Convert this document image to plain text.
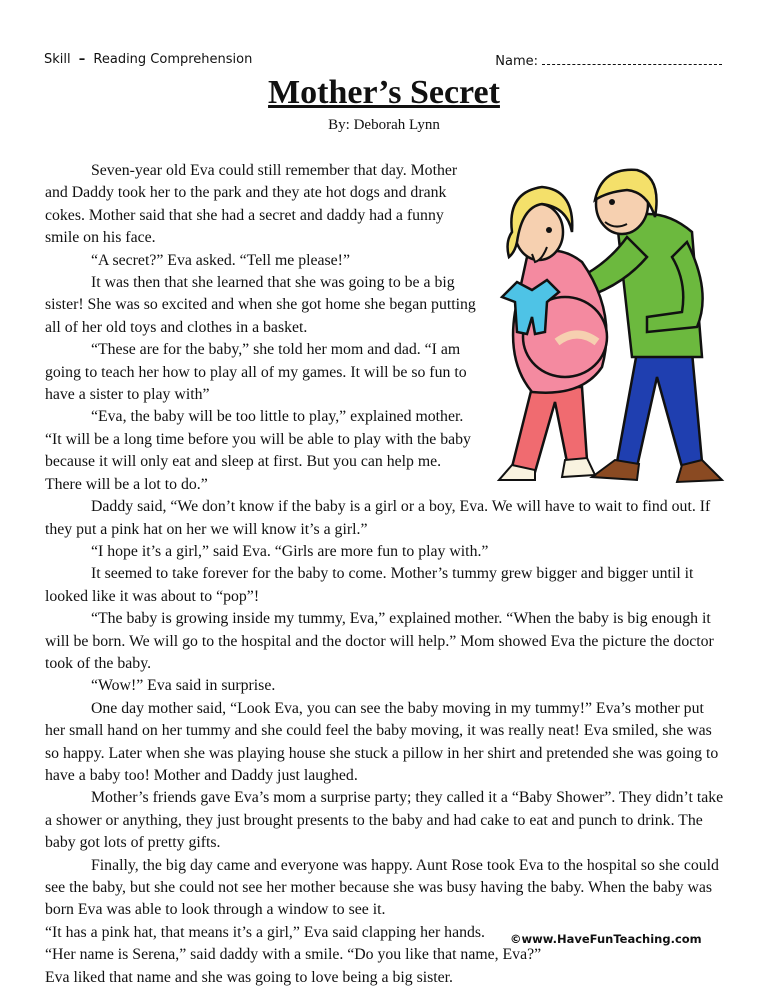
Skill – Reading Comprehension	Name:
Mother’s Secret
By: Deborah Lynn

Seven-year old Eva could still remember that day. Mother and Daddy took her to the park and they ate hot dogs and drank cokes. Mother said that she had a secret and daddy had a funny smile on his face.

“A secret?” Eva asked. “Tell me please!”

It was then that she learned that she was going to be a big sister! She was so excited and when she got home she began putting all of her old toys and clothes in a basket.

“These are for the baby,” she told her mom and dad. “I am going to teach her how to play all of my games. It will be so fun to have a sister to play with”

“Eva, the baby will be too little to play,” explained mother. “It will be a long time before you will be able to play with the baby because it will only eat and sleep at first. But you can help me. There will be a lot to do.”

Daddy said, “We don’t know if the baby is a girl or a boy, Eva. We will have to wait to find out. If they put a pink hat on her we will know it’s a girl.”

“I hope it’s a girl,” said Eva. “Girls are more fun to play with.”

It seemed to take forever for the baby to come. Mother’s tummy grew bigger and bigger until it looked like it was about to “pop”!

“The baby is growing inside my tummy, Eva,” explained mother. “When the baby is big enough it will be born. We will go to the hospital and the doctor will help.” Mom showed Eva the picture the doctor took of the baby.

“Wow!” Eva said in surprise.

One day mother said, “Look Eva, you can see the baby moving in my tummy!” Eva’s mother put her small hand on her tummy and she could feel the baby moving, it was really neat! Eva smiled, she was so happy. Later when she was playing house she stuck a pillow in her shirt and pretended she was going to have a baby too! Mother and Daddy just laughed.

Mother’s friends gave Eva’s mom a surprise party; they called it a “Baby Shower”. They didn’t take a shower or anything, they just brought presents to the baby and had cake to eat and punch to drink. The baby got lots of pretty gifts.

Finally, the big day came and everyone was happy. Aunt Rose took Eva to the hospital so she could see the baby, but she could not see her mother because she was busy having the baby. When the baby was born Eva was able to look through a window to see it.

“It has a pink hat, that means it’s a girl,” Eva said clapping her hands.

“Her name is Serena,” said daddy with a smile. “Do you like that name, Eva?”

Eva liked that name and she was going to love being a big sister.

©www.HaveFunTeaching.com
